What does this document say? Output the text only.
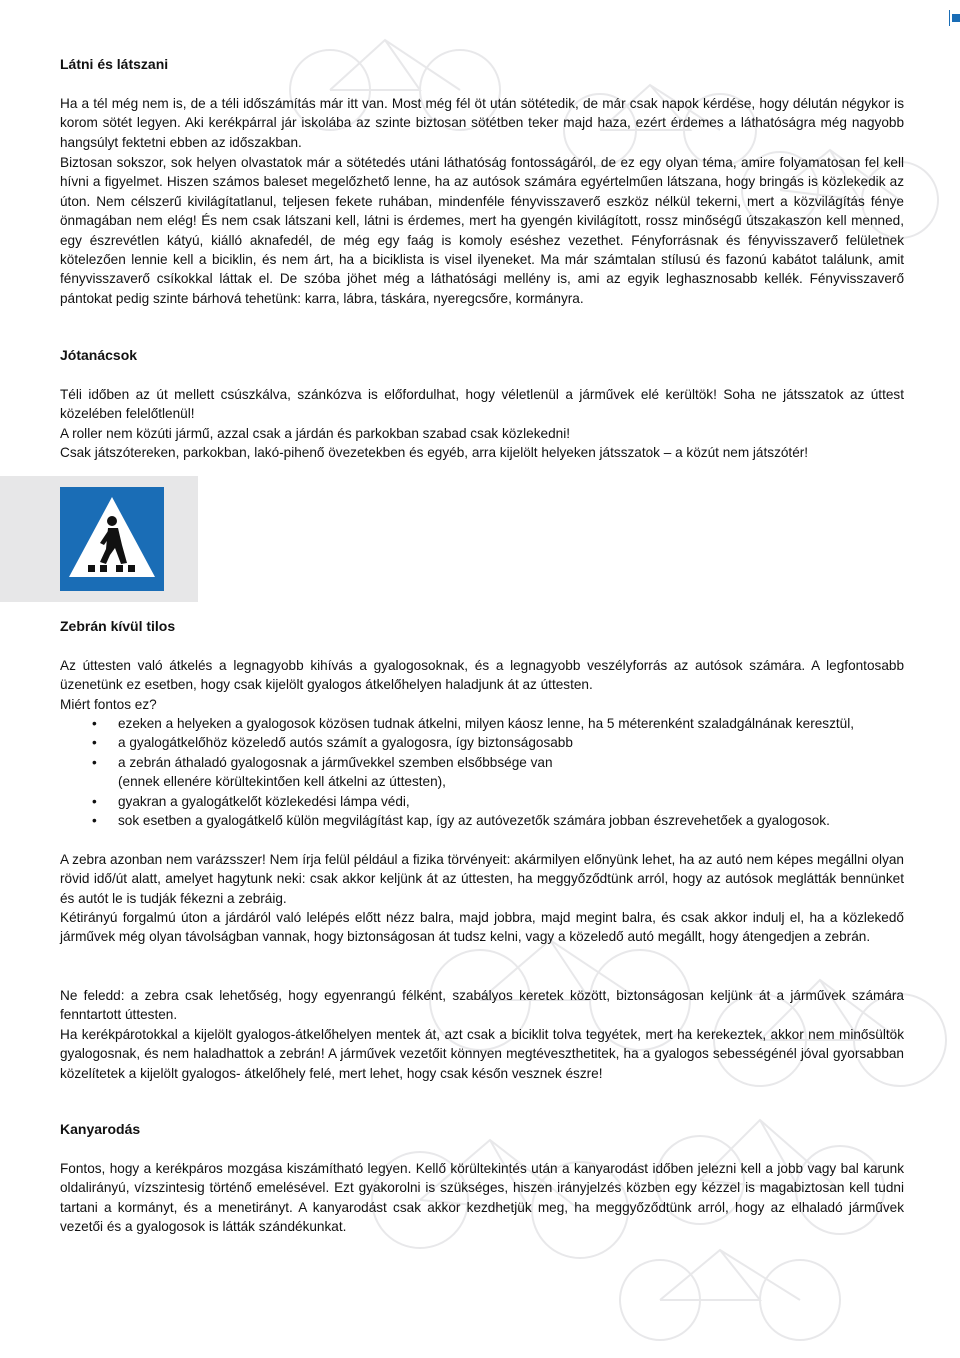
Látni és látszani

Ha a tél még nem is, de a téli időszámítás már itt van. Most még fél öt után sötétedik, de már csak napok kérdése, hogy délután négykor is korom sötét legyen. Aki kerékpárral jár iskolába az szinte biztosan sötétben teker majd haza, ezért érdemes a láthatóságra még nagyobb hangsúlyt fektetni ebben az időszakban.

Biztosan sokszor, sok helyen olvastatok már a sötétedés utáni láthatóság fontosságáról, de ez egy olyan téma, amire folyamatosan fel kell hívni a figyelmet. Hiszen számos baleset megelőzhető lenne, ha az autósok számára egyértelműen látszana, hogy bringás is közlekedik az úton. Nem célszerű kivilágítatlanul, teljesen fekete ruhában, mindenféle fényvisszaverő eszköz nélkül tekerni, mert a közvilágítás fénye önmagában nem elég! És nem csak látszani kell, látni is érdemes, mert ha gyengén kivilágított, rossz minőségű útszakaszon kell menned, egy észrevétlen kátyú, kiálló aknafedél, de még egy faág is komoly eséshez vezethet. Fényforrásnak és fényvisszaverő felületnek kötelezően lennie kell a biciklin, és nem árt, ha a biciklista is visel ilyeneket. Ma már számtalan stílusú és fazonú kabátot találunk, amit fényvisszaverő csíkokkal láttak el. De szóba jöhet még a láthatósági mellény is, ami az egyik leghasznosabb kellék. Fényvisszaverő pántokat pedig szinte bárhová tehetünk: karra, lábra, táskára, nyeregcsőre, kormányra.

Jótanácsok

Téli időben az út mellett csúszkálva, szánkózva is előfordulhat, hogy véletlenül a járművek elé kerültök! Soha ne játsszatok az úttest közelében felelőtlenül!

A roller nem közúti jármű, azzal csak a járdán és parkokban szabad csak közlekedni!

Csak játszótereken, parkokban, lakó-pihenő övezetekben és egyéb, arra kijelölt helyeken játsszatok – a közút nem játszótér!

Zebrán kívül tilos

Az úttesten való átkelés a legnagyobb kihívás a gyalogosoknak, és a legnagyobb veszélyforrás az autósok számára. A legfontosabb üzenetünk ez esetben, hogy csak kijelölt gyalogos átkelőhelyen haladjunk át az úttesten.

Miért fontos ez?

• ezeken a helyeken a gyalogosok közösen tudnak átkelni, milyen káosz lenne, ha 5 méterenként szaladgálnának keresztül,
• a gyalogátkelőhöz közeledő autós számít a gyalogosra, így biztonságosabb
• a zebrán áthaladó gyalogosnak a járművekkel szemben elsőbbsége van
(ennek ellenére körültekintően kell átkelni az úttesten),
• gyakran a gyalogátkelőt közlekedési lámpa védi,
• sok esetben a gyalogátkelő külön megvilágítást kap, így az autóvezetők számára jobban észrevehetőek a gyalogosok.

A zebra azonban nem varázsszer! Nem írja felül például a fizika törvényeit: akármilyen előnyünk lehet, ha az autó nem képes megállni olyan rövid idő/út alatt, amelyet hagytunk neki: csak akkor keljünk át az úttesten, ha meggyőződtünk arról, hogy az autósok meglátták bennünket és autót le is tudják fékezni a zebráig.

Kétirányú forgalmú úton a járdáról való lelépés előtt nézz balra, majd jobbra, majd megint balra, és csak akkor indulj el, ha a közlekedő járművek még olyan távolságban vannak, hogy biztonságosan át tudsz kelni, vagy a közeledő autó megállt, hogy átengedjen a zebrán.

Ne feledd: a zebra csak lehetőség, hogy egyenrangú félként, szabályos keretek között, biztonságosan keljünk át a járművek számára fenntartott úttesten.

Ha kerékpárotokkal a kijelölt gyalogos-átkelőhelyen mentek át, azt csak a biciklit tolva tegyétek, mert ha kerekeztek, akkor nem minősültök gyalogosnak, és nem haladhattok a zebrán! A járművek vezetőit könnyen megtéveszthetitek, ha a gyalogos sebességénél jóval gyorsabban közelítetek a kijelölt gyalogos- átkelőhely felé, mert lehet, hogy csak későn vesznek észre!

Kanyarodás

Fontos, hogy a kerékpáros mozgása kiszámítható legyen. Kellő körültekintés után a kanyarodást időben jelezni kell a jobb vagy bal karunk oldalirányú, vízszintesig történő emelésével. Ezt gyakorolni is szükséges, hiszen irányjelzés közben egy kézzel is magabiztosan kell tudni tartani a kormányt, és a menetirányt. A kanyarodást csak akkor kezdhetjük meg, ha meggyőződtünk arról, hogy az elhaladó járművek vezetői és a gyalogosok is látták szándékunkat.
